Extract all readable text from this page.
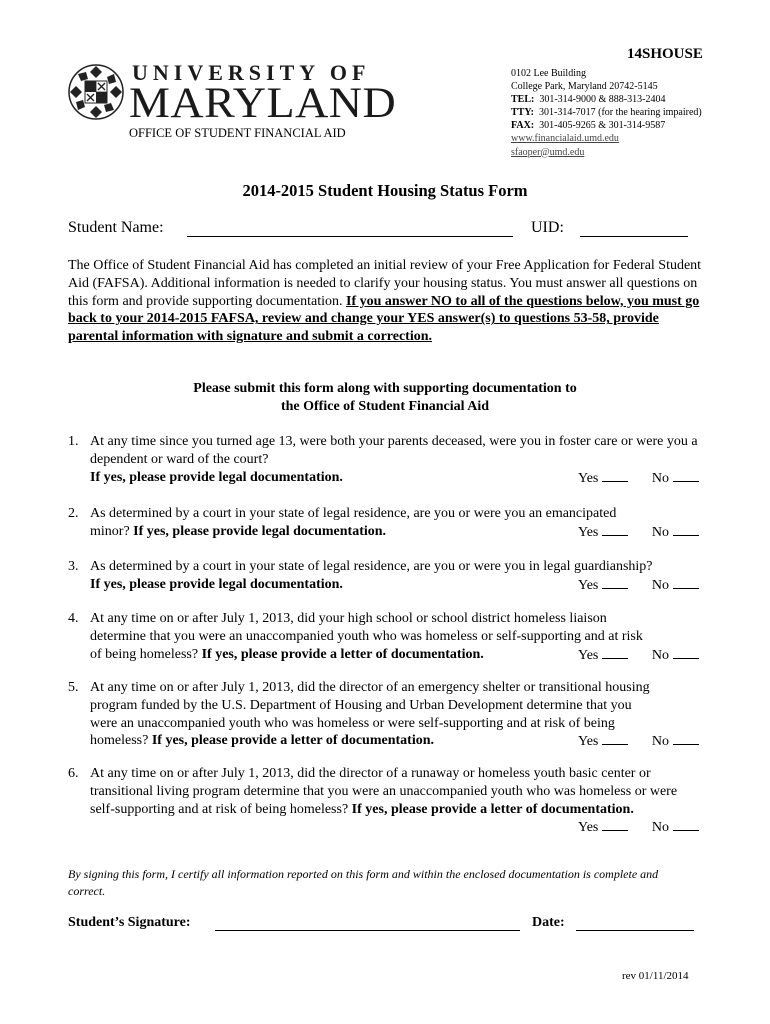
14SHOUSE
UNIVERSITY OF
MARYLAND
OFFICE OF STUDENT FINANCIAL AID
0102 Lee Building
College Park, Maryland 20742-5145
TEL: 301-314-9000 & 888-313-2404
TTY: 301-314-7017 (for the hearing impaired)
FAX: 301-405-9265 & 301-314-9587
www.financialaid.umd.edu
sfaoper@umd.edu
2014-2015 Student Housing Status Form
Student Name:	UID:
The Office of Student Financial Aid has completed an initial review of your Free Application for Federal Student Aid (FAFSA). Additional information is needed to clarify your housing status. You must answer all questions on this form and provide supporting documentation. If you answer NO to all of the questions below, you must go back to your 2014-2015 FAFSA, review and change your YES answer(s) to questions 53-58, provide parental information with signature and submit a correction.
Please submit this form along with supporting documentation to
the Office of Student Financial Aid
1. At any time since you turned age 13, were both your parents deceased, were you in foster care or were you a dependent or ward of the court?
If yes, please provide legal documentation.	Yes	No
2. As determined by a court in your state of legal residence, are you or were you an emancipated minor? If yes, please provide legal documentation.	Yes	No
3. As determined by a court in your state of legal residence, are you or were you in legal guardianship?
If yes, please provide legal documentation.	Yes	No
4. At any time on or after July 1, 2013, did your high school or school district homeless liaison determine that you were an unaccompanied youth who was homeless or self-supporting and at risk of being homeless? If yes, please provide a letter of documentation.	Yes	No
5. At any time on or after July 1, 2013, did the director of an emergency shelter or transitional housing program funded by the U.S. Department of Housing and Urban Development determine that you were an unaccompanied youth who was homeless or were self-supporting and at risk of being homeless? If yes, please provide a letter of documentation.	Yes	No
6. At any time on or after July 1, 2013, did the director of a runaway or homeless youth basic center or transitional living program determine that you were an unaccompanied youth who was homeless or were self-supporting and at risk of being homeless? If yes, please provide a letter of documentation.
Yes	No
By signing this form, I certify all information reported on this form and within the enclosed documentation is complete and correct.
Student’s Signature:	Date:
rev 01/11/2014
